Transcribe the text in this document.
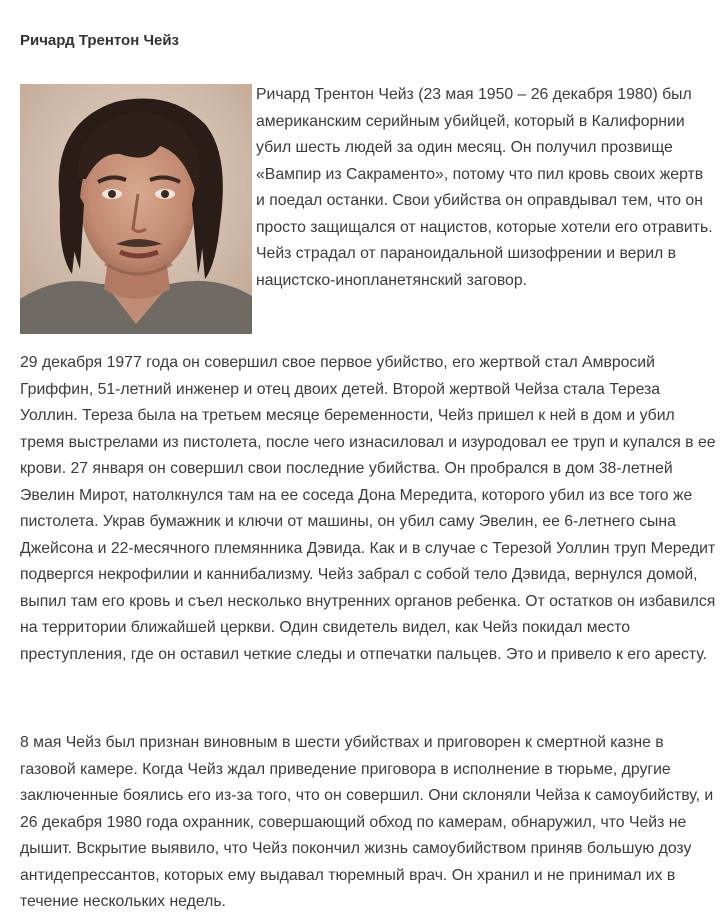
Ричард Трентон Чейз

Ричард Трентон Чейз (23 мая 1950 – 26 декабря 1980) был американским серийным убийцей, который в Калифорнии убил шесть людей за один месяц. Он получил прозвище «Вампир из Сакраменто», потому что пил кровь своих жертв и поедал останки. Свои убийства он оправдывал тем, что он просто защищался от нацистов, которые хотели его отравить. Чейз страдал от параноидальной шизофрении и верил в нацистско-инопланетянский заговор.

29 декабря 1977 года он совершил свое первое убийство, его жертвой стал Амвросий Гриффин, 51-летний инженер и отец двоих детей. Второй жертвой Чейза стала Тереза Уоллин. Тереза была на третьем месяце беременности, Чейз пришел к ней в дом и убил тремя выстрелами из пистолета, после чего изнасиловал и изуродовал ее труп и купался в ее крови. 27 января он совершил свои последние убийства. Он пробрался в дом 38-летней Эвелин Мирот, натолкнулся там на ее соседа Дона Мередита, которого убил из все того же пистолета. Украв бумажник и ключи от машины, он убил саму Эвелин, ее 6-летнего сына Джейсона и 22-месячного племянника Дэвида. Как и в случае с Терезой Уоллин труп Мередит подвергся некрофилии и каннибализму. Чейз забрал с собой тело Дэвида, вернулся домой, выпил там его кровь и съел несколько внутренних органов ребенка. От остатков он избавился на территории ближайшей церкви. Один свидетель видел, как Чейз покидал место преступления, где он оставил четкие следы и отпечатки пальцев. Это и привело к его аресту.

8 мая Чейз был признан виновным в шести убийствах и приговорен к смертной казне в газовой камере. Когда Чейз ждал приведение приговора в исполнение в тюрьме, другие заключенные боялись его из-за того, что он совершил. Они склоняли Чейза к самоубийству, и 26 декабря 1980 года охранник, совершающий обход по камерам, обнаружил, что Чейз не дышит. Вскрытие выявило, что Чейз покончил жизнь самоубийством приняв большую дозу антидепрессантов, которых ему выдавал тюремный врач. Он хранил и не принимал их в течение нескольких недель.
